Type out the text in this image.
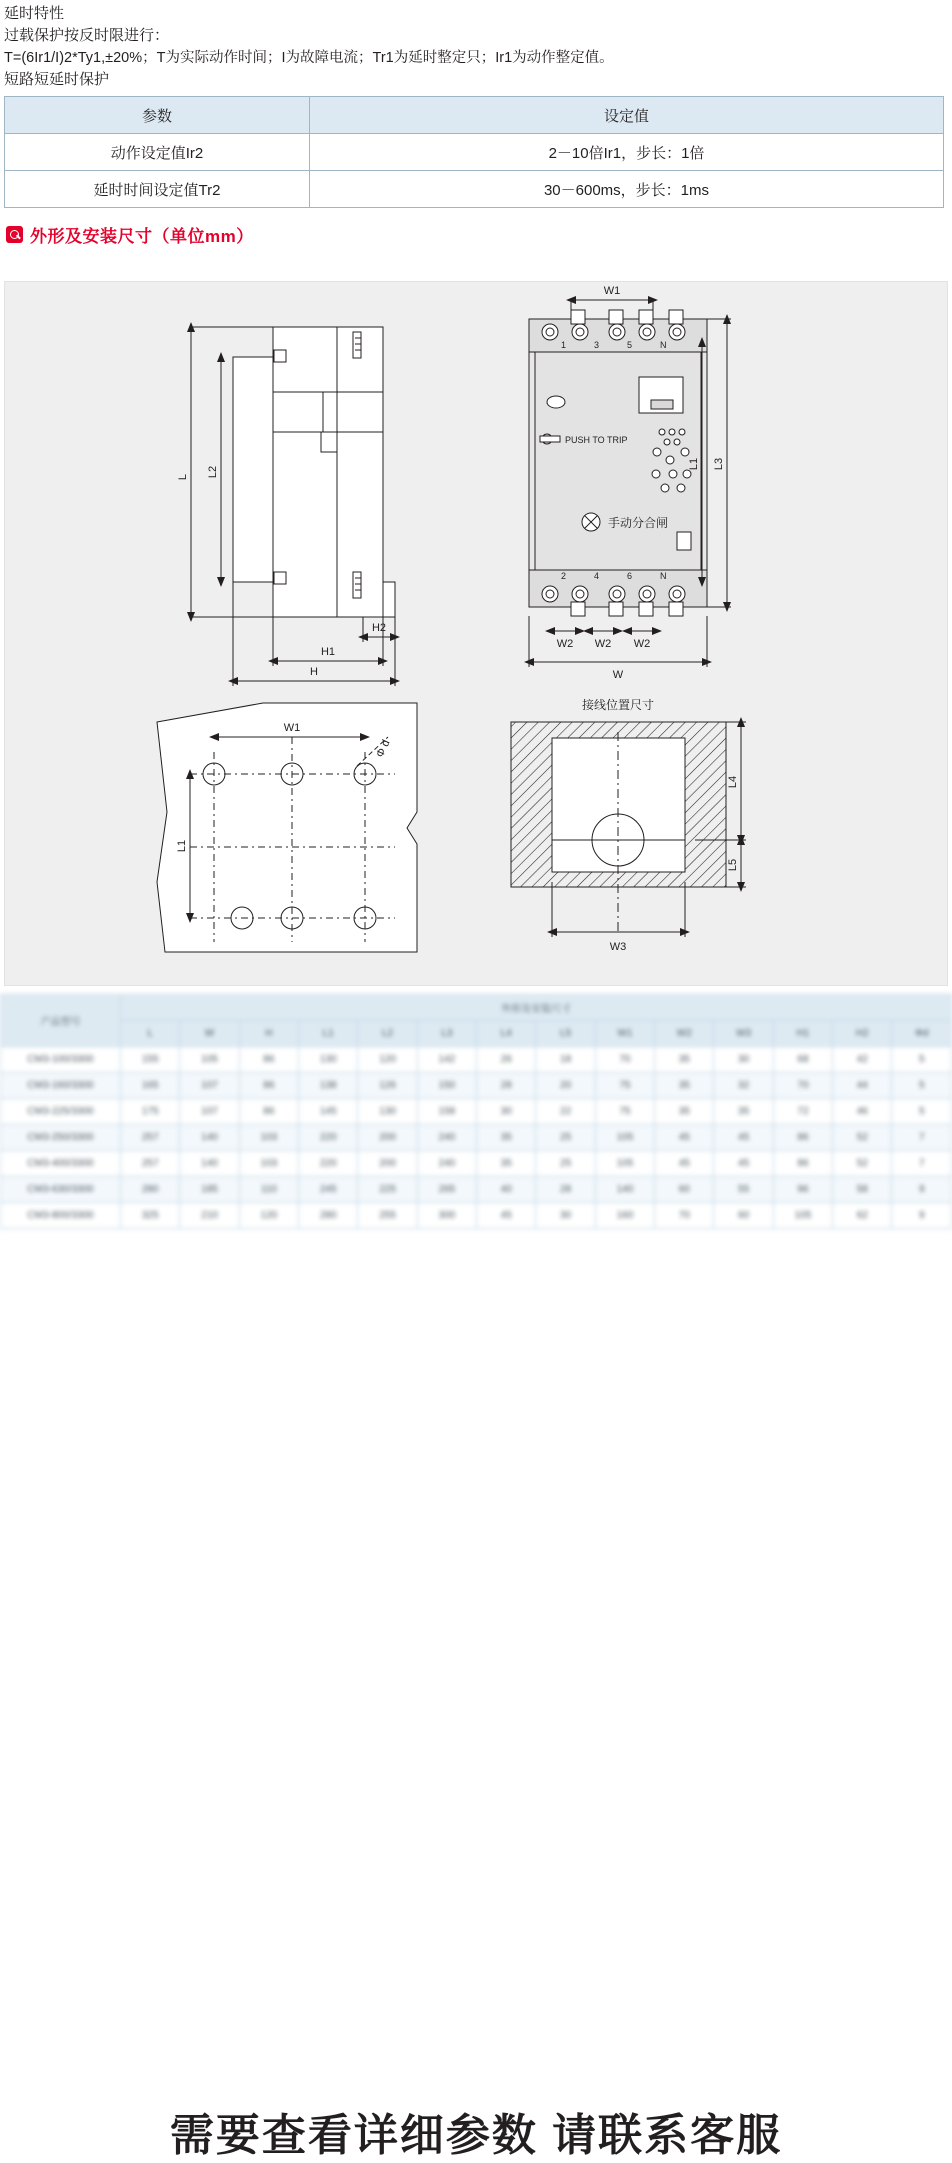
延时特性

过载保护按反时限进行：

T=(6Ir1/I)2*Ty1,±20%；T为实际动作时间；I为故障电流；Tr1为延时整定只；Ir1为动作整定值。

短路短延时保护

参数	设定值
动作设定值Ir2	2－10倍Ir1，步长：1倍
延时时间设定值Tr2	30－600ms，步长：1ms
外形及安装尺寸（单位mm）
L L2
H2
H1
H
1	3	5	N
2	4	6	N
PUSH TO TRIP
手动分合闸
W1
L1 L3
W2 W2 W2
W
W1
L1
Φ d
接线位置尺寸
L4
L5
W3
产品型号	外形及安装尺寸													
	L	W	H	L1	L2	L3	L4	L5	W1	W2	W3	H1	H2	Φd
CM3-100/3300	155	105	86	130	120	142	26	18	70	35	30	68	42	5
CM3-160/3300	165	107	86	138	126	150	28	20	75	35	32	70	44	5
CM3-225/3300	175	107	86	145	130	158	30	22	75	35	35	72	46	5
CM3-250/3300	257	140	103	220	200	240	35	25	105	45	45	86	52	7
CM3-400/3300	257	140	103	220	200	240	35	25	105	45	45	86	52	7
CM3-630/3300	280	185	110	245	225	265	40	28	140	60	55	96	58	9
CM3-800/3300	325	210	120	280	255	300	45	30	160	70	60	105	62	9
需要查看详细参数 请联系客服
